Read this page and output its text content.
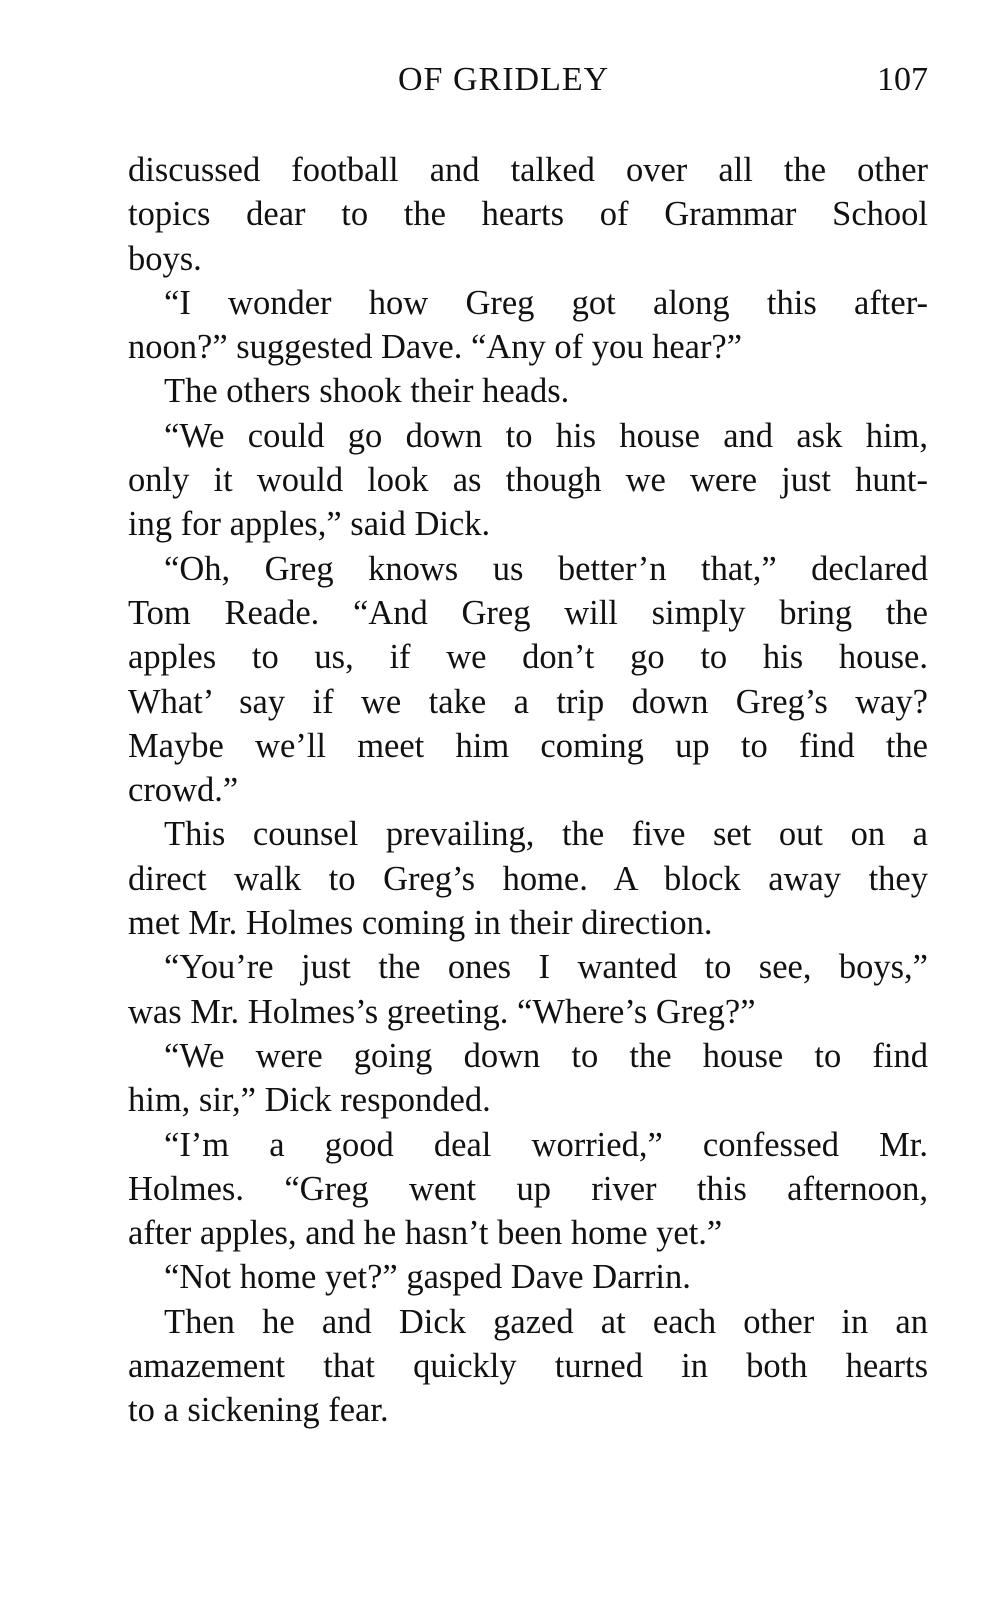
OF GRIDLEY	107
discussed football and talked over all the other
topics dear to the hearts of Grammar School
boys.
“I wonder how Greg got along this after-
noon?” suggested Dave. “Any of you hear?”
The others shook their heads.
“We could go down to his house and ask him,
only it would look as though we were just hunt-
ing for apples,” said Dick.
“Oh, Greg knows us better’n that,” declared
Tom Reade. “And Greg will simply bring the
apples to us, if we don’t go to his house.
What’ say if we take a trip down Greg’s way?
Maybe we’ll meet him coming up to find the
crowd.”
This counsel prevailing, the five set out on a
direct walk to Greg’s home. A block away they
met Mr. Holmes coming in their direction.
“You’re just the ones I wanted to see, boys,”
was Mr. Holmes’s greeting. “Where’s Greg?”
“We were going down to the house to find
him, sir,” Dick responded.
“I’m a good deal worried,” confessed Mr.
Holmes. “Greg went up river this afternoon,
after apples, and he hasn’t been home yet.”
“Not home yet?” gasped Dave Darrin.
Then he and Dick gazed at each other in an
amazement that quickly turned in both hearts
to a sickening fear.
